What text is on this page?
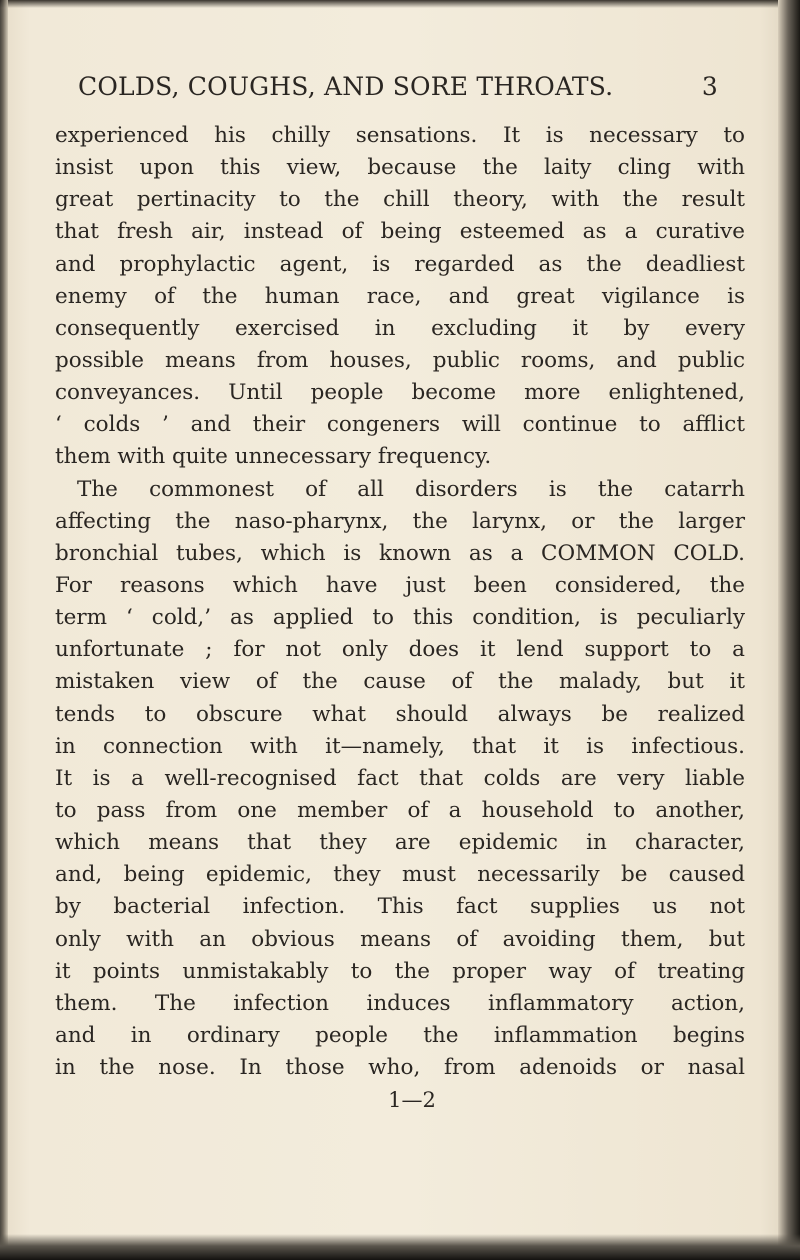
COLDS, COUGHS, AND SORE THROATS.	3
experienced his chilly sensations. It is necessary to
insist upon this view, because the laity cling with
great pertinacity to the chill theory, with the result
that fresh air, instead of being esteemed as a curative
and prophylactic agent, is regarded as the deadliest
enemy of the human race, and great vigilance is
consequently exercised in excluding it by every
possible means from houses, public rooms, and public
conveyances. Until people become more enlightened,
‘ colds ’ and their congeners will continue to afflict
them with quite unnecessary frequency.
The commonest of all disorders is the catarrh
affecting the naso-pharynx, the larynx, or the larger
bronchial tubes, which is known as a COMMON COLD.
For reasons which have just been considered, the
term ‘ cold,’ as applied to this condition, is peculiarly
unfortunate ; for not only does it lend support to a
mistaken view of the cause of the malady, but it
tends to obscure what should always be realized
in connection with it—namely, that it is infectious.
It is a well-recognised fact that colds are very liable
to pass from one member of a household to another,
which means that they are epidemic in character,
and, being epidemic, they must necessarily be caused
by bacterial infection. This fact supplies us not
only with an obvious means of avoiding them, but
it points unmistakably to the proper way of treating
them. The infection induces inflammatory action,
and in ordinary people the inflammation begins
in the nose. In those who, from adenoids or nasal
1—2
